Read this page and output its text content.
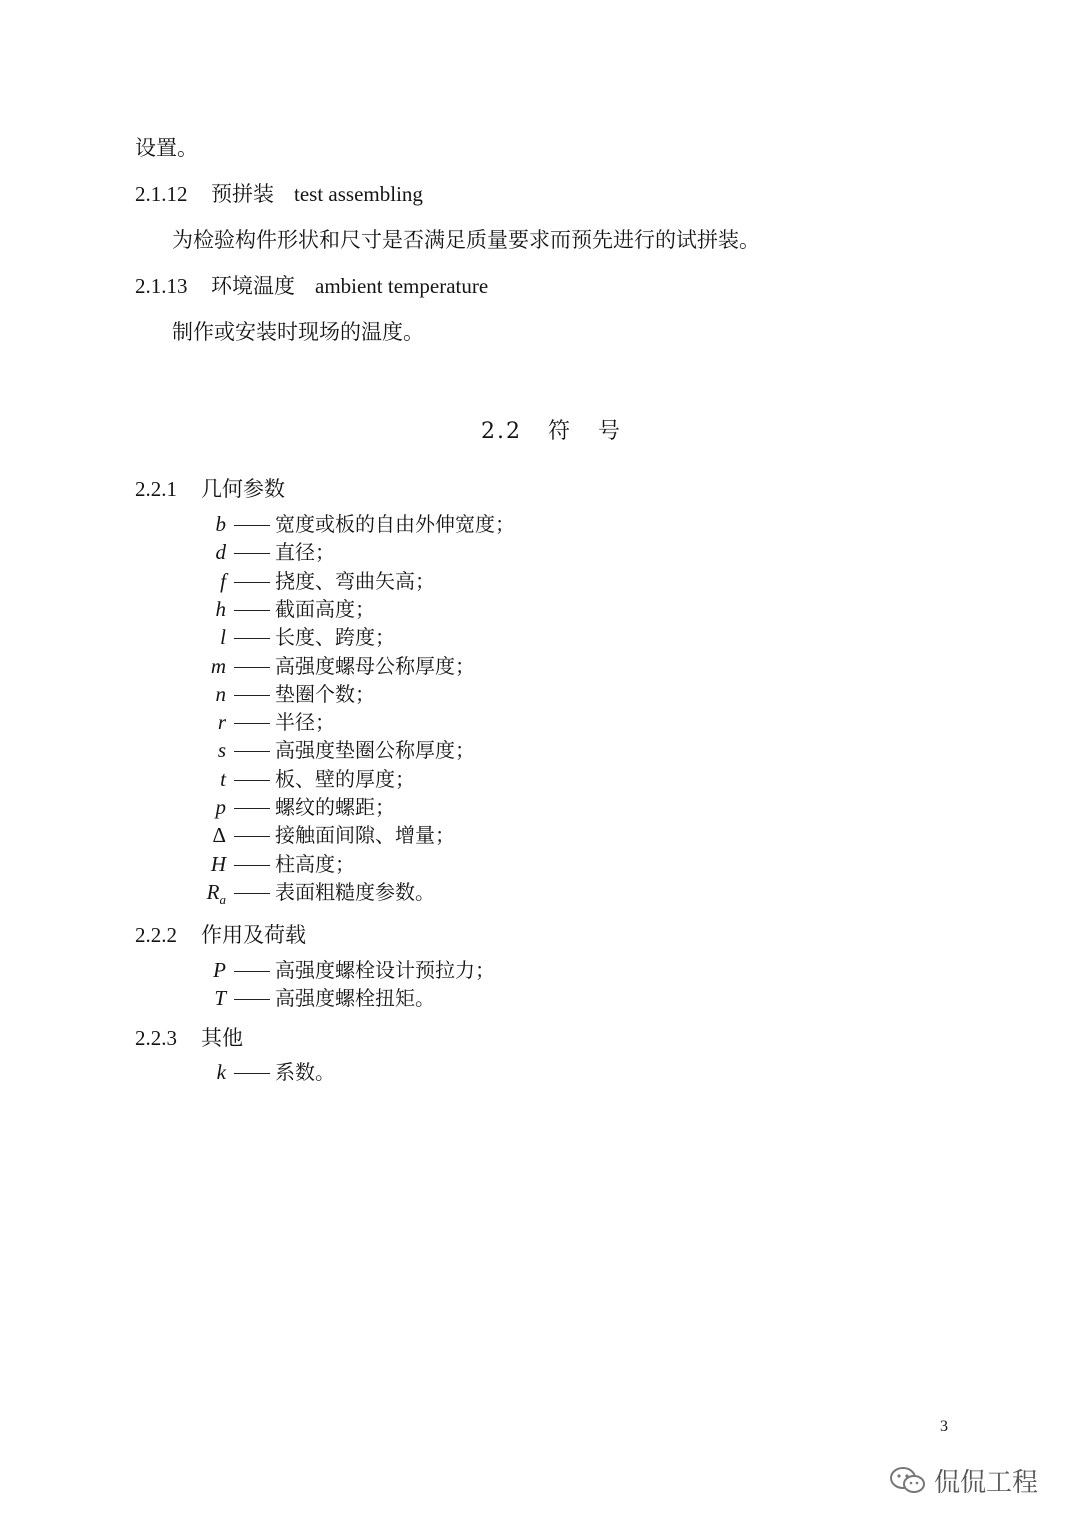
设置。
2.1.12 预拼装 test assembling
为检验构件形状和尺寸是否满足质量要求而预先进行的试拼装。
2.1.13 环境温度 ambient temperature
制作或安装时现场的温度。
2.2 符 号
2.2.1 几何参数
b 宽度或板的自由外伸宽度；
d 直径；
f 挠度、弯曲矢高；
h 截面高度；
l 长度、跨度；
m 高强度螺母公称厚度；
n 垫圈个数；
r 半径；
s 高强度垫圈公称厚度；
t 板、壁的厚度；
p 螺纹的螺距；
Δ 接触面间隙、增量；
H 柱高度；
$R_a$ 表面粗糙度参数。
2.2.2 作用及荷载
P 高强度螺栓设计预拉力；
T 高强度螺栓扭矩。
2.2.3 其他
k 系数。
3
侃侃工程
